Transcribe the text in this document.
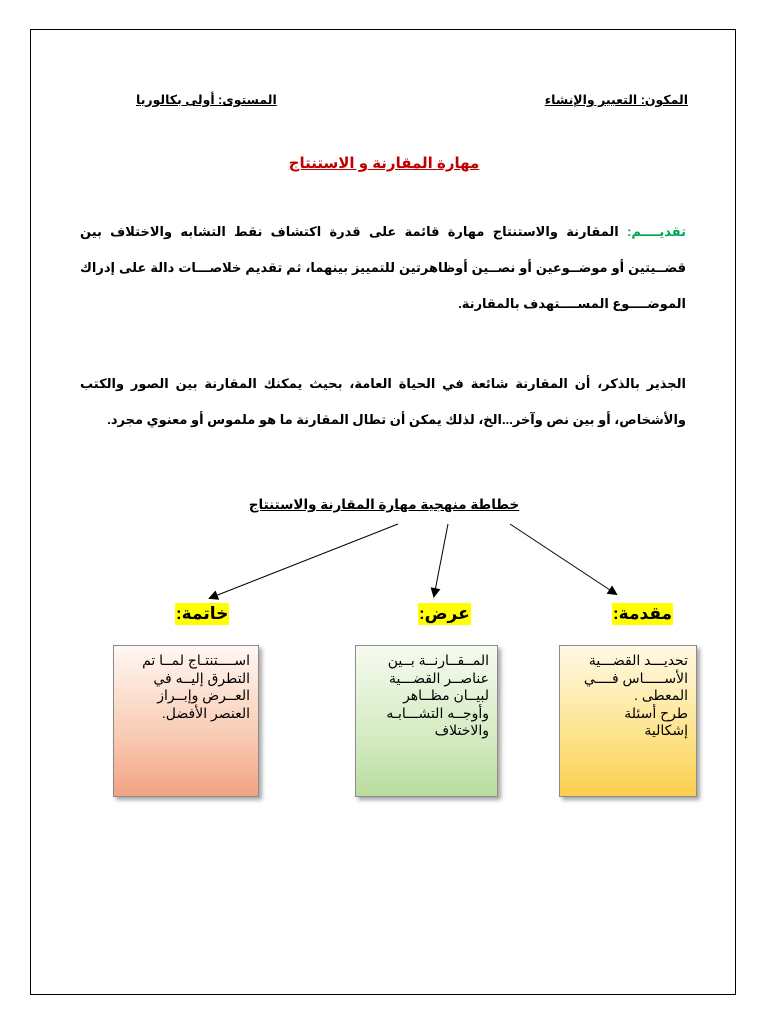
المكون: التعبير والإنشاء
المستوى: أولى بكالوريا
مهارة المقارنة و الاستنتاج
تقديــــم: المقارنة والاستنتاج مهارة قائمة على قدرة اكتشاف نقط التشابه والاختلاف بين قضــيتين أو موضــوعين أو نصــين أوظاهرتين للتمييز بينهما، ثم تقديم خلاصـــات دالة على إدراك الموضــــوع المســــتهدف بالمقارنة.
الجذير بالذكر، أن المقارنة شائعة في الحياة العامة، بحيث يمكنك المقارنة بين الصور والكتب والأشخاص، أو بين نص وآخر...الخ، لذلك يمكن أن تطال المقارنة ما هو ملموس أو معنوي مجرد.
خطاطة منهجية مهارة المقارنة والاستنتاج
مقدمة:
عرض:
خاتمة:
تحديـــد القضـــية
الأســـــاس فــــي
المعطى .
طرح أسئلة
إشكالية
المــقــارنــة بــين
عناصــر القضـــية
لبيــان مظــاهر
وأوجــه التشـــابـه
والاختلاف
اســــتنتـاج لمــا تم
التطرق إليــه في
العــرض وإبــراز
العنصر الأفضل.
